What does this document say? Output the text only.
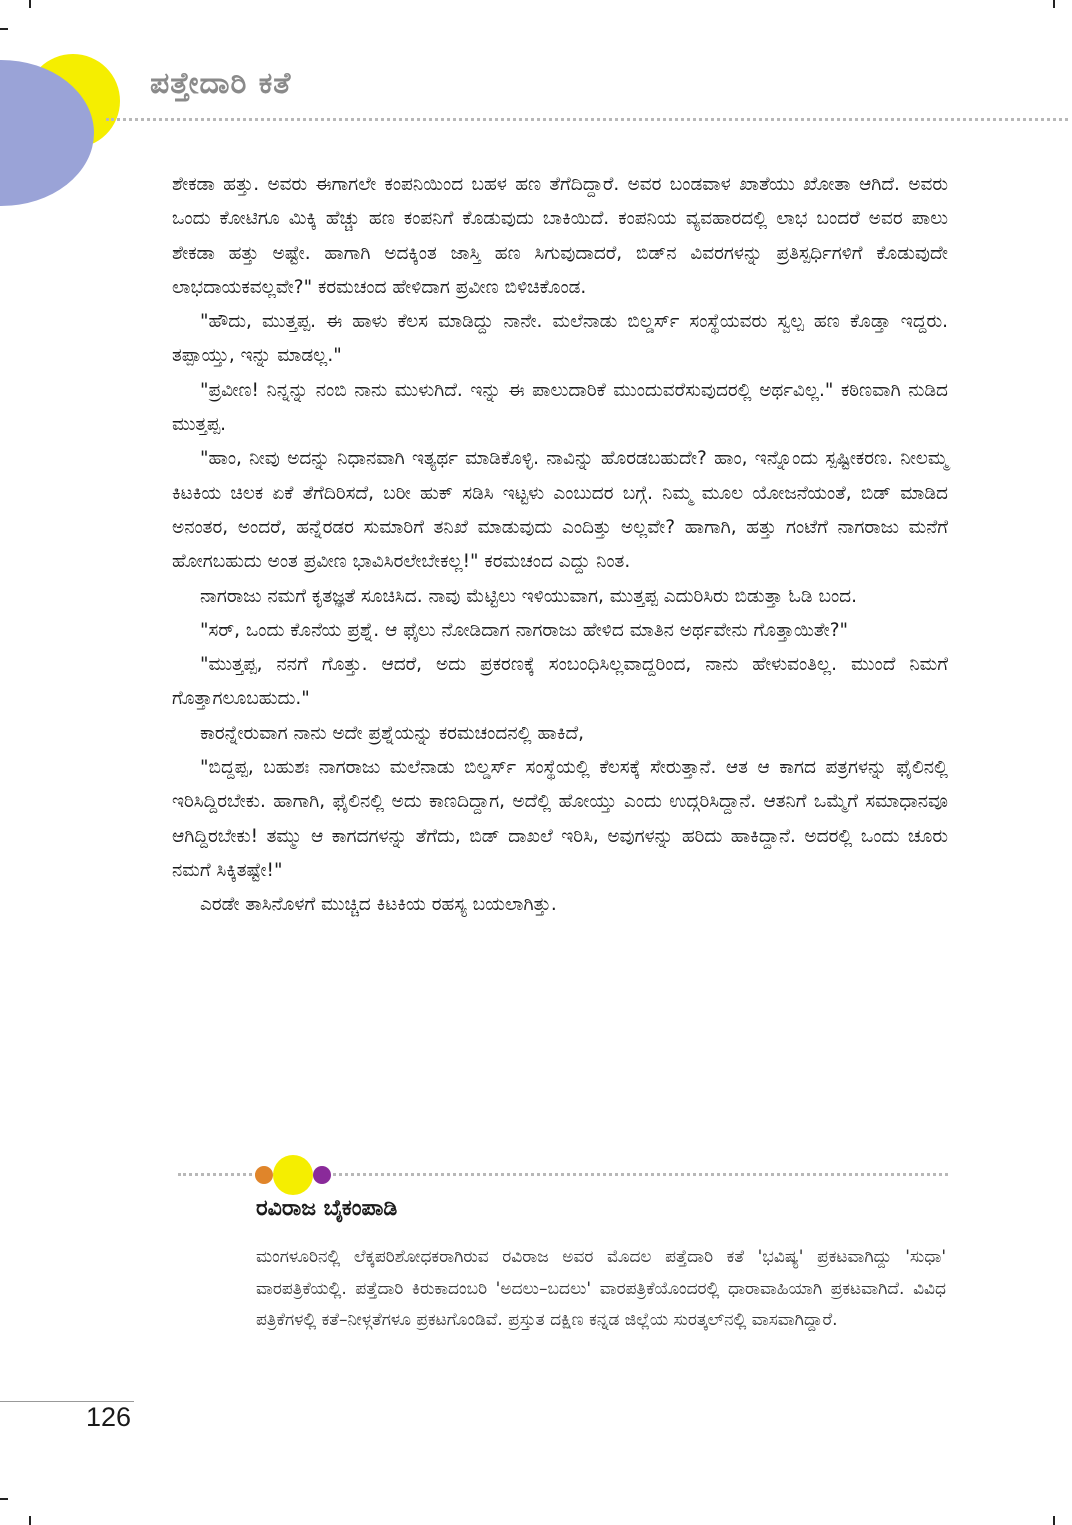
ಪತ್ತೇದಾರಿ ಕತೆ

ಶೇಕಡಾ ಹತ್ತು. ಅವರು ಈಗಾಗಲೇ ಕಂಪನಿಯಿಂದ ಬಹಳ ಹಣ ತೆಗೆದಿದ್ದಾರೆ. ಅವರ ಬಂಡವಾಳ ಖಾತೆಯು ಖೋತಾ ಆಗಿದೆ. ಅವರು ಒಂದು ಕೋಟಿಗೂ ಮಿಕ್ಕಿ ಹೆಚ್ಚು ಹಣ ಕಂಪನಿಗೆ ಕೊಡುವುದು ಬಾಕಿಯಿದೆ. ಕಂಪನಿಯ ವ್ಯವಹಾರದಲ್ಲಿ ಲಾಭ ಬಂದರೆ ಅವರ ಪಾಲು ಶೇಕಡಾ ಹತ್ತು ಅಷ್ಟೇ. ಹಾಗಾಗಿ ಅದಕ್ಕಿಂತ ಜಾಸ್ತಿ ಹಣ ಸಿಗುವುದಾದರೆ, ಬಿಡ್‌ನ ವಿವರಗಳನ್ನು ಪ್ರತಿಸ್ಪರ್ಧಿಗಳಿಗೆ ಕೊಡುವುದೇ ಲಾಭದಾಯಕವಲ್ಲವೇ?" ಕರಮಚಂದ ಹೇಳಿದಾಗ ಪ್ರವೀಣ ಬಿಳಿಚಿಕೊಂಡ.

"ಹೌದು, ಮುತ್ತಪ್ಪ. ಈ ಹಾಳು ಕೆಲಸ ಮಾಡಿದ್ದು ನಾನೇ. ಮಲೆನಾಡು ಬಿಲ್ಡರ್ಸ್ ಸಂಸ್ಥೆಯವರು ಸ್ವಲ್ಪ ಹಣ ಕೊಡ್ತಾ ಇದ್ದರು. ತಪ್ಪಾಯ್ತು, ಇನ್ನು ಮಾಡಲ್ಲ."

"ಪ್ರವೀಣ! ನಿನ್ನನ್ನು ನಂಬಿ ನಾನು ಮುಳುಗಿದೆ. ಇನ್ನು ಈ ಪಾಲುದಾರಿಕೆ ಮುಂದುವರೆಸುವುದರಲ್ಲಿ ಅರ್ಥವಿಲ್ಲ." ಕಠಿಣವಾಗಿ ನುಡಿದ ಮುತ್ತಪ್ಪ.

"ಹಾಂ, ನೀವು ಅದನ್ನು ನಿಧಾನವಾಗಿ ಇತ್ಯರ್ಥ ಮಾಡಿಕೊಳ್ಳಿ. ನಾವಿನ್ನು ಹೊರಡಬಹುದೇ? ಹಾಂ, ಇನ್ನೊಂದು ಸ್ಪಷ್ಟೀಕರಣ. ನೀಲಮ್ಮ ಕಿಟಕಿಯ ಚಿಲಕ ಏಕೆ ತೆಗೆದಿರಿಸದೆ, ಬರೀ ಹುಕ್ ಸಡಿಸಿ ಇಟ್ಟಳು ಎಂಬುದರ ಬಗ್ಗೆ. ನಿಮ್ಮ ಮೂಲ ಯೋಜನೆಯಂತೆ, ಬಿಡ್ ಮಾಡಿದ ಅನಂತರ, ಅಂದರೆ, ಹನ್ನೆರಡರ ಸುಮಾರಿಗೆ ತನಿಖೆ ಮಾಡುವುದು ಎಂದಿತ್ತು ಅಲ್ಲವೇ? ಹಾಗಾಗಿ, ಹತ್ತು ಗಂಟೆಗೆ ನಾಗರಾಜು ಮನೆಗೆ ಹೋಗಬಹುದು ಅಂತ ಪ್ರವೀಣ ಭಾವಿಸಿರಲೇಬೇಕಲ್ಲ!" ಕರಮಚಂದ ಎದ್ದು ನಿಂತ.

ನಾಗರಾಜು ನಮಗೆ ಕೃತಜ್ಞತೆ ಸೂಚಿಸಿದ. ನಾವು ಮೆಟ್ಟಿಲು ಇಳಿಯುವಾಗ, ಮುತ್ತಪ್ಪ ಎದುರಿಸಿರು ಬಿಡುತ್ತಾ ಓಡಿ ಬಂದ.

"ಸರ್, ಒಂದು ಕೊನೆಯ ಪ್ರಶ್ನೆ. ಆ ಫೈಲು ನೋಡಿದಾಗ ನಾಗರಾಜು ಹೇಳಿದ ಮಾತಿನ ಅರ್ಥವೇನು ಗೊತ್ತಾಯಿತೇ?"

"ಮುತ್ತಪ್ಪ, ನನಗೆ ಗೊತ್ತು. ಆದರೆ, ಅದು ಪ್ರಕರಣಕ್ಕೆ ಸಂಬಂಧಿಸಿಲ್ಲವಾದ್ದರಿಂದ, ನಾನು ಹೇಳುವಂತಿಲ್ಲ. ಮುಂದೆ ನಿಮಗೆ ಗೊತ್ತಾಗಲೂಬಹುದು."

ಕಾರನ್ನೇರುವಾಗ ನಾನು ಅದೇ ಪ್ರಶ್ನೆಯನ್ನು ಕರಮಚಂದನಲ್ಲಿ ಹಾಕಿದೆ,

"ಬಿದ್ದಪ್ಪ, ಬಹುಶಃ ನಾಗರಾಜು ಮಲೆನಾಡು ಬಿಲ್ಡರ್ಸ್ ಸಂಸ್ಥೆಯಲ್ಲಿ ಕೆಲಸಕ್ಕೆ ಸೇರುತ್ತಾನೆ. ಆತ ಆ ಕಾಗದ ಪತ್ರಗಳನ್ನು ಫೈಲಿನಲ್ಲಿ ಇರಿಸಿದ್ದಿರಬೇಕು. ಹಾಗಾಗಿ, ಫೈಲಿನಲ್ಲಿ ಅದು ಕಾಣದಿದ್ದಾಗ, ಅದೆಲ್ಲಿ ಹೋಯ್ತು ಎಂದು ಉದ್ಗರಿಸಿದ್ದಾನೆ. ಆತನಿಗೆ ಒಮ್ಮೆಗೆ ಸಮಾಧಾನವೂ ಆಗಿದ್ದಿರಬೇಕು! ತಮ್ಮು ಆ ಕಾಗದಗಳನ್ನು ತೆಗೆದು, ಬಿಡ್ ದಾಖಲೆ ಇರಿಸಿ, ಅವುಗಳನ್ನು ಹರಿದು ಹಾಕಿದ್ದಾನೆ. ಅದರಲ್ಲಿ ಒಂದು ಚೂರು ನಮಗೆ ಸಿಕ್ಕಿತಷ್ಟೇ!"

ಎರಡೇ ತಾಸಿನೊಳಗೆ ಮುಚ್ಚಿದ ಕಿಟಕಿಯ ರಹಸ್ಯ ಬಯಲಾಗಿತ್ತು.

ರವಿರಾಜ ಬೈಕಂಪಾಡಿ

ಮಂಗಳೂರಿನಲ್ಲಿ ಲೆಕ್ಕಪರಿಶೋಧಕರಾಗಿರುವ ರವಿರಾಜ ಅವರ ಮೊದಲ ಪತ್ತೆದಾರಿ ಕತೆ 'ಭವಿಷ್ಯ' ಪ್ರಕಟವಾಗಿದ್ದು 'ಸುಧಾ' ವಾರಪತ್ರಿಕೆಯಲ್ಲಿ. ಪತ್ತೆದಾರಿ ಕಿರುಕಾದಂಬರಿ 'ಅದಲು–ಬದಲು' ವಾರಪತ್ರಿಕೆಯೊಂದರಲ್ಲಿ ಧಾರಾವಾಹಿಯಾಗಿ ಪ್ರಕಟವಾಗಿದೆ. ವಿವಿಧ ಪತ್ರಿಕೆಗಳಲ್ಲಿ ಕತೆ–ನೀಳ್ಗತೆಗಳೂ ಪ್ರಕಟಗೊಂಡಿವೆ. ಪ್ರಸ್ತುತ ದಕ್ಷಿಣ ಕನ್ನಡ ಜಿಲ್ಲೆಯ ಸುರತ್ಕಲ್‌ನಲ್ಲಿ ವಾಸವಾಗಿದ್ದಾರೆ.

126
